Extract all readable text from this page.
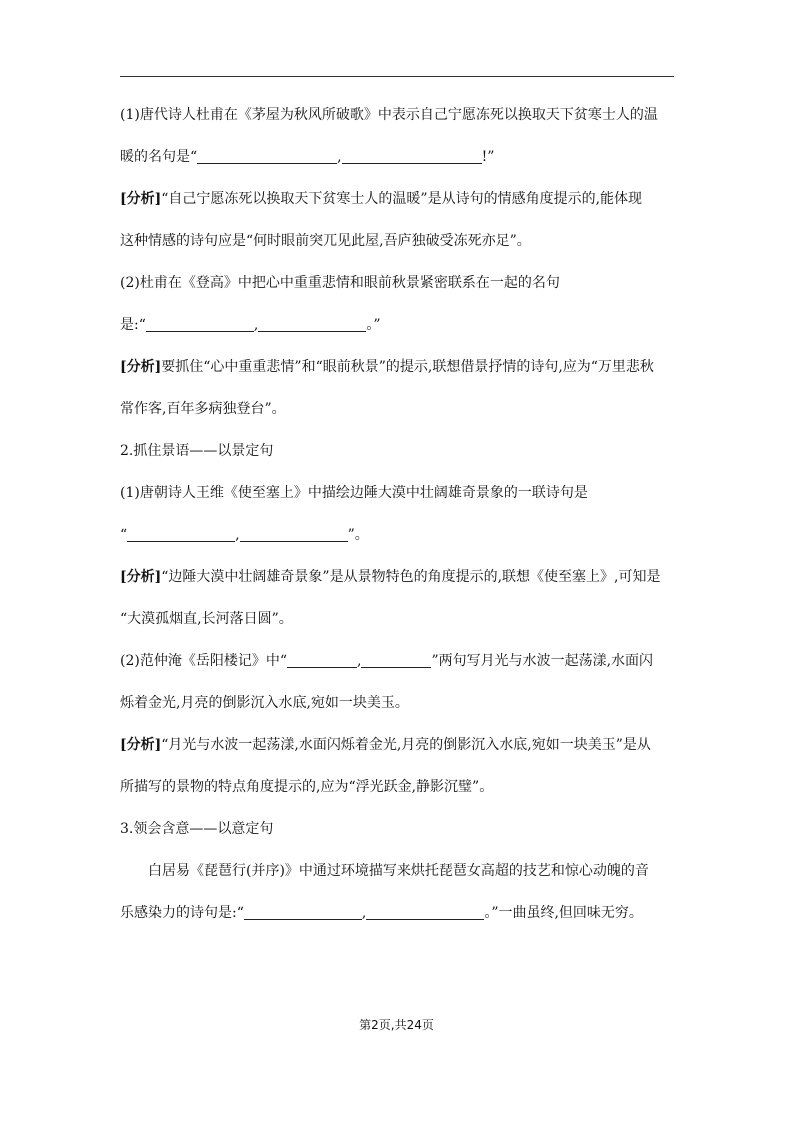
(1)唐代诗人杜甫在《茅屋为秋风所破歌》中表示自己宁愿冻死以换取天下贫寒士人的温
暖的名句是“	,	!”
[分析]“自己宁愿冻死以换取天下贫寒士人的温暖”是从诗句的情感角度提示的,能体现
这种情感的诗句应是“何时眼前突兀见此屋,吾庐独破受冻死亦足”。
(2)杜甫在《登高》中把心中重重悲情和眼前秋景紧密联系在一起的名句
是:“	,	。”
[分析]要抓住“心中重重悲情”和“眼前秋景”的提示,联想借景抒情的诗句,应为“万里悲秋
常作客,百年多病独登台”。
2.抓住景语——以景定句
(1)唐朝诗人王维《使至塞上》中描绘边陲大漠中壮阔雄奇景象的一联诗句是
“	,	”。
[分析]“边陲大漠中壮阔雄奇景象”是从景物特色的角度提示的,联想《使至塞上》,可知是
“大漠孤烟直,长河落日圆”。
(2)范仲淹《岳阳楼记》中“	,	”两句写月光与水波一起荡漾,水面闪
烁着金光,月亮的倒影沉入水底,宛如一块美玉。
[分析]“月光与水波一起荡漾,水面闪烁着金光,月亮的倒影沉入水底,宛如一块美玉”是从
所描写的景物的特点角度提示的,应为“浮光跃金,静影沉璧”。
3.领会含意——以意定句
白居易《琵琶行(并序)》中通过环境描写来烘托琵琶女高超的技艺和惊心动魄的音
乐感染力的诗句是:“	,	。”一曲虽终,但回味无穷。
第2页,共24页
